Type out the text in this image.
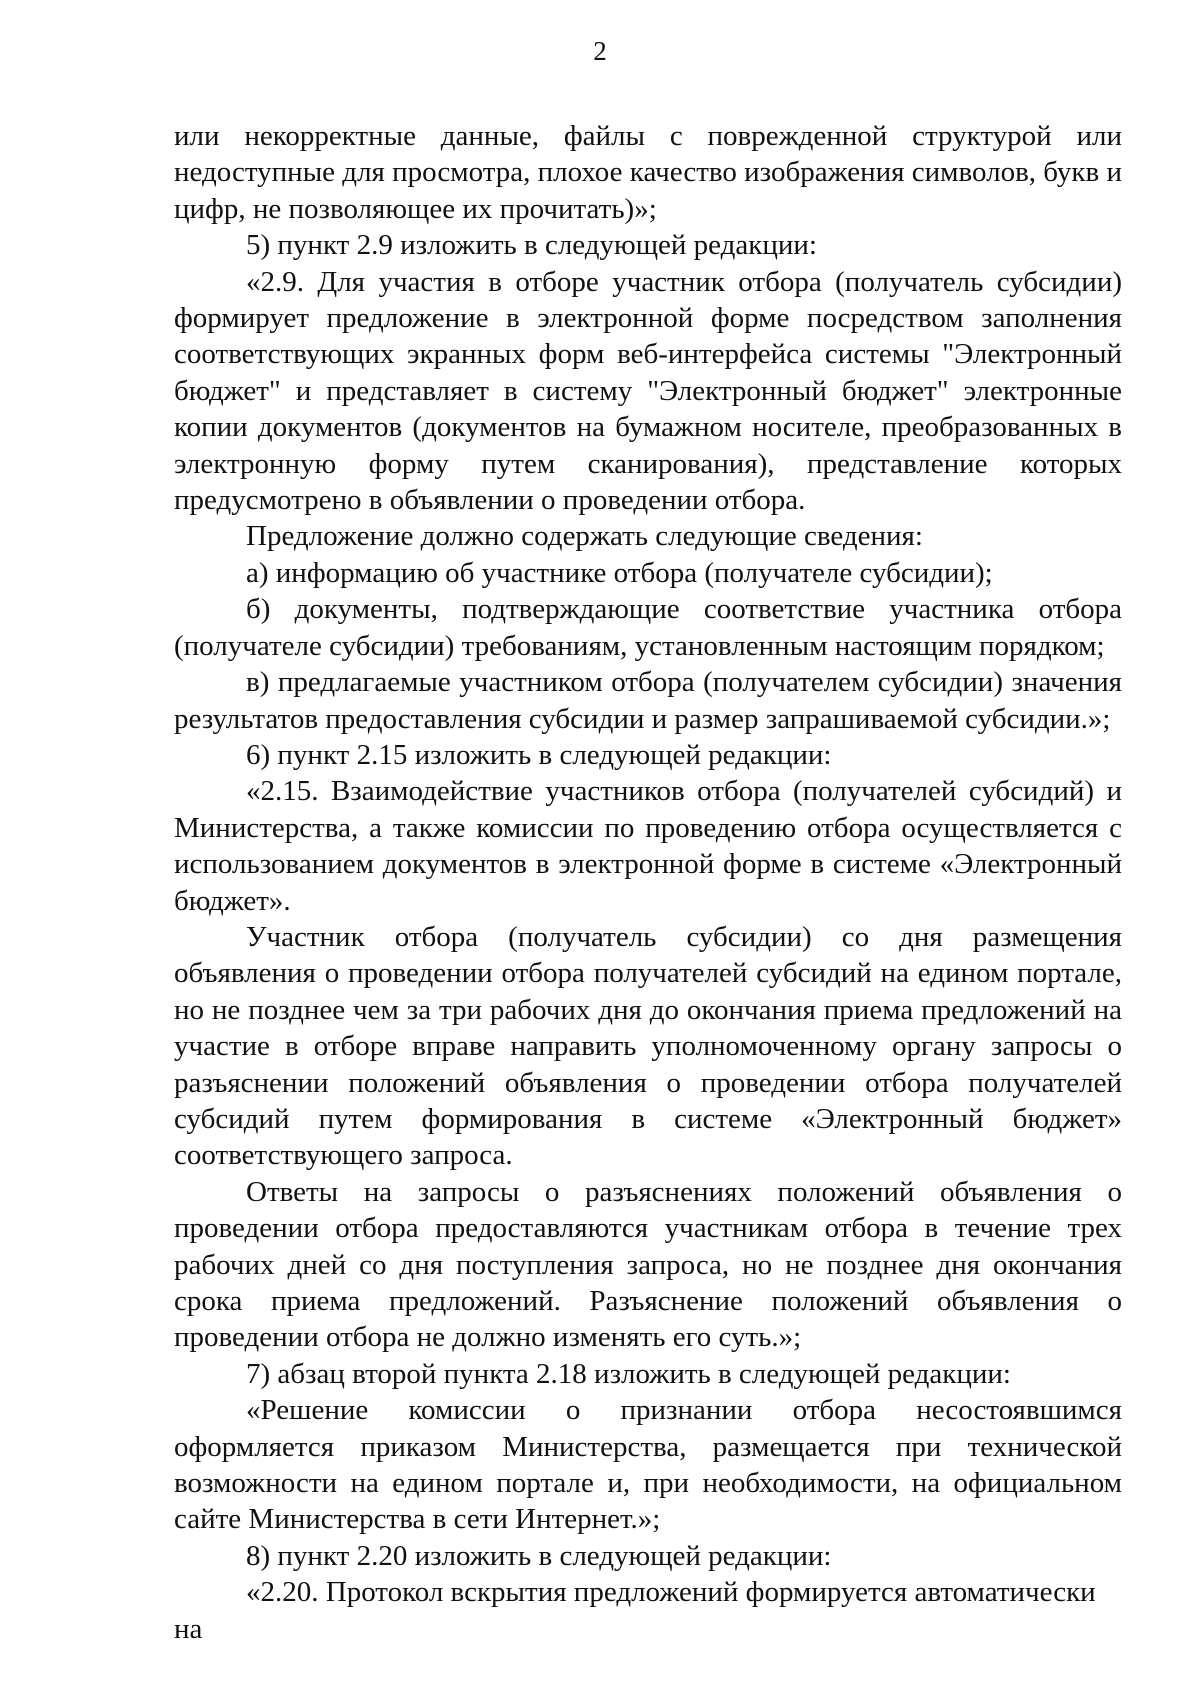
2

или некорректные данные, файлы с поврежденной структурой или недоступные для просмотра, плохое качество изображения символов, букв и цифр, не позволяющее их прочитать)»;

5) пункт 2.9 изложить в следующей редакции:

«2.9. Для участия в отборе участник отбора (получатель субсидии) формирует предложение в электронной форме посредством заполнения соответствующих экранных форм веб-интерфейса системы "Электронный бюджет" и представляет в систему "Электронный бюджет" электронные копии документов (документов на бумажном носителе, преобразованных в электронную форму путем сканирования), представление которых предусмотрено в объявлении о проведении отбора.

Предложение должно содержать следующие сведения:

а) информацию об участнике отбора (получателе субсидии);

б) документы, подтверждающие соответствие участника отбора (получателе субсидии) требованиям, установленным настоящим порядком;

в) предлагаемые участником отбора (получателем субсидии) значения результатов предоставления субсидии и размер запрашиваемой субсидии.»;

6) пункт 2.15 изложить в следующей редакции:

«2.15. Взаимодействие участников отбора (получателей субсидий) и Министерства, а также комиссии по проведению отбора осуществляется с использованием документов в электронной форме в системе «Электронный бюджет».

Участник отбора (получатель субсидии) со дня размещения объявления о проведении отбора получателей субсидий на едином портале, но не позднее чем за три рабочих дня до окончания приема предложений на участие в отборе вправе направить уполномоченному органу запросы о разъяснении положений объявления о проведении отбора получателей субсидий путем формирования в системе «Электронный бюджет» соответствующего запроса.

Ответы на запросы о разъяснениях положений объявления о проведении отбора предоставляются участникам отбора в течение трех рабочих дней со дня поступления запроса, но не позднее дня окончания срока приема предложений. Разъяснение положений объявления о проведении отбора не должно изменять его суть.»;

7) абзац второй пункта 2.18 изложить в следующей редакции:

«Решение комиссии о признании отбора несостоявшимся оформляется приказом Министерства, размещается при технической возможности на едином портале и, при необходимости, на официальном сайте Министерства в сети Интернет.»;

8) пункт 2.20 изложить в следующей редакции:

«2.20. Протокол вскрытия предложений формируется автоматически на
